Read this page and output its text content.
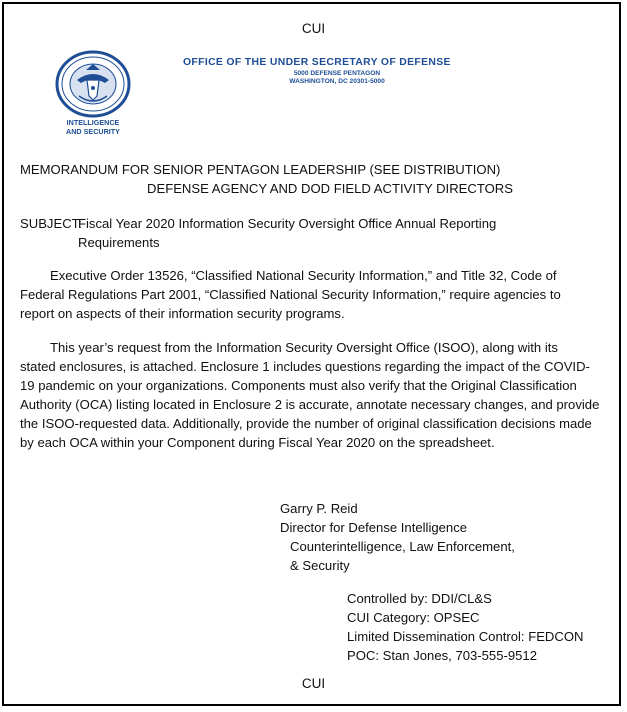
CUI
INTELLIGENCE
AND SECURITY
OFFICE OF THE UNDER SECRETARY OF DEFENSE
5000 DEFENSE PENTAGON
WASHINGTON, DC 20301-5000
MEMORANDUM FOR SENIOR PENTAGON LEADERSHIP (SEE DISTRIBUTION)
DEFENSE AGENCY AND DOD FIELD ACTIVITY DIRECTORS
SUBJECT:
Fiscal Year 2020 Information Security Oversight Office Annual Reporting
Requirements
Executive Order 13526, “Classified National Security Information,” and Title 32, Code of
Federal Regulations Part 2001, “Classified National Security Information,” require agencies to
report on aspects of their information security programs.
This year’s request from the Information Security Oversight Office (ISOO), along with its
stated enclosures, is attached. Enclosure 1 includes questions regarding the impact of the COVID-
19 pandemic on your organizations. Components must also verify that the Original Classification
Authority (OCA) listing located in Enclosure 2 is accurate, annotate necessary changes, and provide
the ISOO-requested data. Additionally, provide the number of original classification decisions made
by each OCA within your Component during Fiscal Year 2020 on the spreadsheet.
Garry P. Reid
Director for Defense Intelligence
Counterintelligence, Law Enforcement,
& Security
Controlled by: DDI/CL&S
CUI Category: OPSEC
Limited Dissemination Control: FEDCON
POC: Stan Jones, 703-555-9512
CUI
